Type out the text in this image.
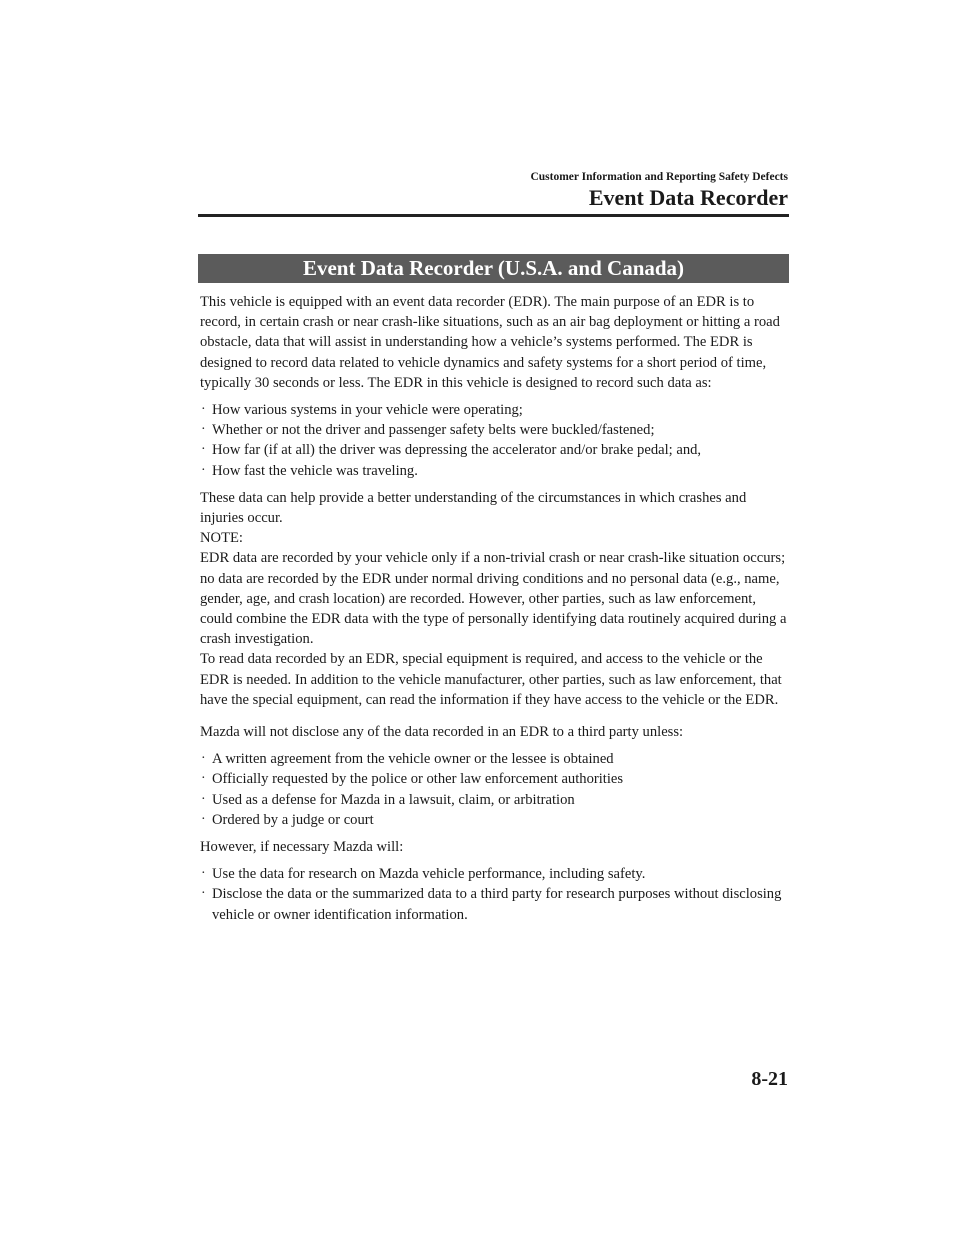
Customer Information and Reporting Safety Defects
Event Data Recorder
Event Data Recorder (U.S.A. and Canada)

This vehicle is equipped with an event data recorder (EDR). The main purpose of an EDR is to record, in certain crash or near crash-like situations, such as an air bag deployment or hitting a road obstacle, data that will assist in understanding how a vehicle’s systems performed. The EDR is designed to record data related to vehicle dynamics and safety systems for a short period of time, typically 30 seconds or less. The EDR in this vehicle is designed to record such data as:

· How various systems in your vehicle were operating;
· Whether or not the driver and passenger safety belts were buckled/fastened;
· How far (if at all) the driver was depressing the accelerator and/or brake pedal; and,
· How fast the vehicle was traveling.

These data can help provide a better understanding of the circumstances in which crashes and injuries occur.

NOTE:

EDR data are recorded by your vehicle only if a non-trivial crash or near crash-like situation occurs; no data are recorded by the EDR under normal driving conditions and no personal data (e.g., name, gender, age, and crash location) are recorded. However, other parties, such as law enforcement, could combine the EDR data with the type of personally identifying data routinely acquired during a crash investigation.

To read data recorded by an EDR, special equipment is required, and access to the vehicle or the EDR is needed. In addition to the vehicle manufacturer, other parties, such as law enforcement, that have the special equipment, can read the information if they have access to the vehicle or the EDR.

Mazda will not disclose any of the data recorded in an EDR to a third party unless:

· A written agreement from the vehicle owner or the lessee is obtained
· Officially requested by the police or other law enforcement authorities
· Used as a defense for Mazda in a lawsuit, claim, or arbitration
· Ordered by a judge or court

However, if necessary Mazda will:

· Use the data for research on Mazda vehicle performance, including safety.
· Disclose the data or the summarized data to a third party for research purposes without disclosing vehicle or owner identification information.
8-21
